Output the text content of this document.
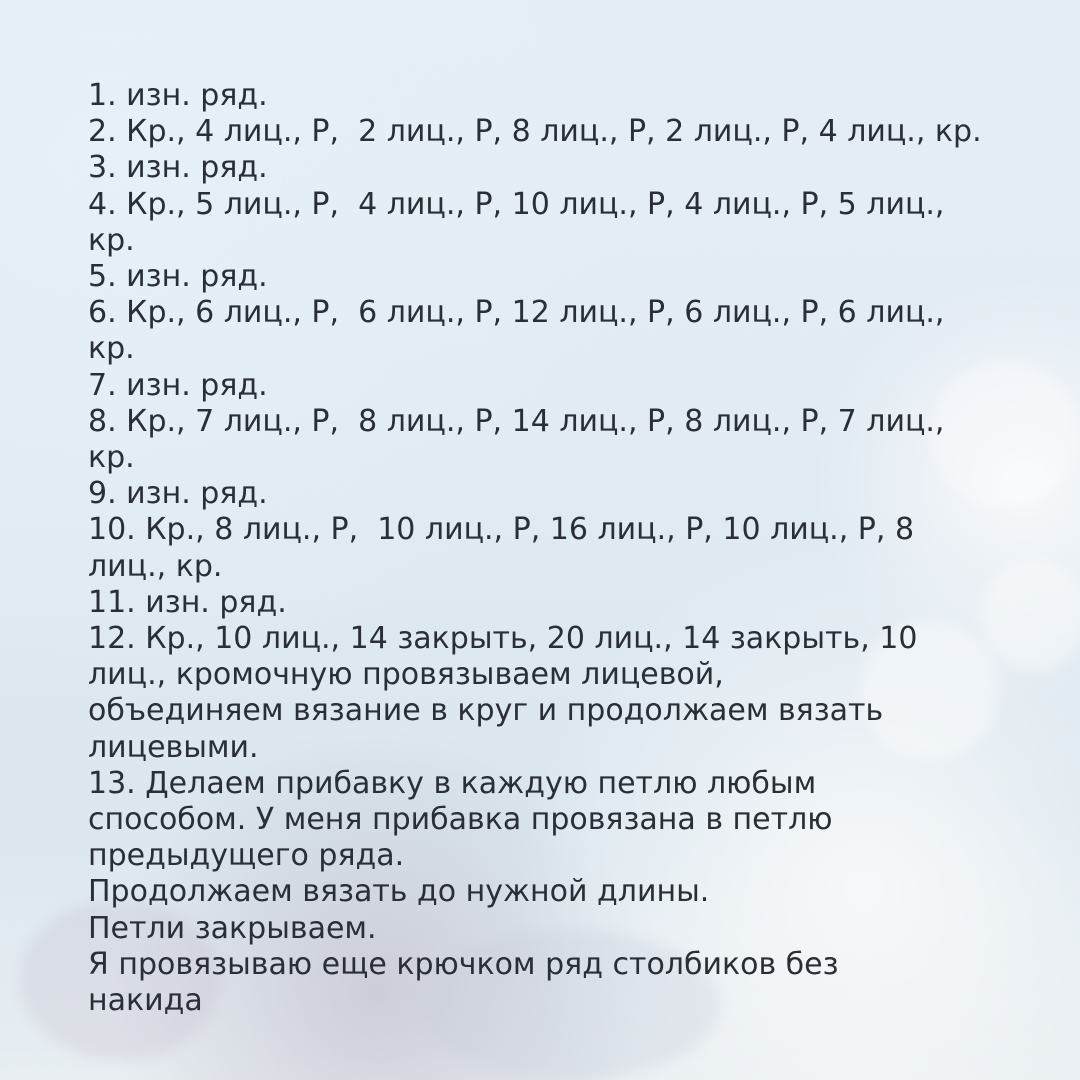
1. изн. ряд.
2. Кр., 4 лиц., Р,  2 лиц., Р, 8 лиц., Р, 2 лиц., Р, 4 лиц., кр.
3. изн. ряд.
4. Кр., 5 лиц., Р,  4 лиц., Р, 10 лиц., Р, 4 лиц., Р, 5 лиц.,
кр.
5. изн. ряд.
6. Кр., 6 лиц., Р,  6 лиц., Р, 12 лиц., Р, 6 лиц., Р, 6 лиц.,
кр.
7. изн. ряд.
8. Кр., 7 лиц., Р,  8 лиц., Р, 14 лиц., Р, 8 лиц., Р, 7 лиц.,
кр.
9. изн. ряд.
10. Кр., 8 лиц., Р,  10 лиц., Р, 16 лиц., Р, 10 лиц., Р, 8
лиц., кр.
11. изн. ряд.
12. Кр., 10 лиц., 14 закрыть, 20 лиц., 14 закрыть, 10
лиц., кромочную провязываем лицевой,
объединяем вязание в круг и продолжаем вязать
лицевыми.
13. Делаем прибавку в каждую петлю любым
способом. У меня прибавка провязана в петлю
предыдущего ряда.
Продолжаем вязать до нужной длины.
Петли закрываем.
Я провязываю еще крючком ряд столбиков без
накида
